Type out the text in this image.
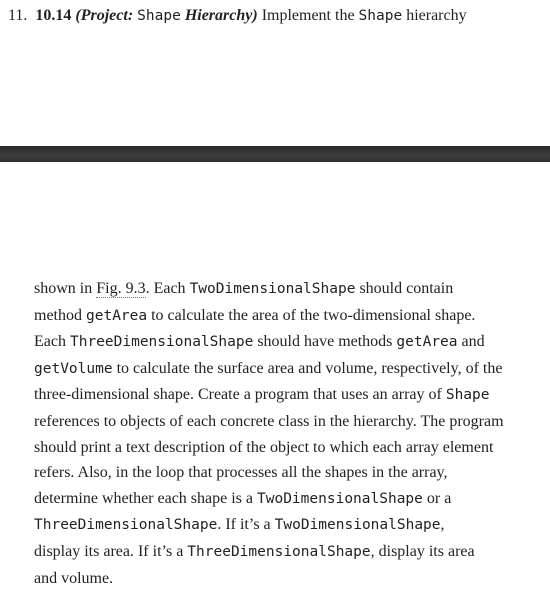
11. 10.14 (Project: Shape Hierarchy) Implement the Shape hierarchy
shown in Fig. 9.3. Each TwoDimensionalShape should contain
method getArea to calculate the area of the two-dimensional shape.
Each ThreeDimensionalShape should have methods getArea and
getVolume to calculate the surface area and volume, respectively, of the
three-dimensional shape. Create a program that uses an array of Shape
references to objects of each concrete class in the hierarchy. The program
should print a text description of the object to which each array element
refers. Also, in the loop that processes all the shapes in the array,
determine whether each shape is a TwoDimensionalShape or a
ThreeDimensionalShape. If it’s a TwoDimensionalShape,
display its area. If it’s a ThreeDimensionalShape, display its area
and volume.
